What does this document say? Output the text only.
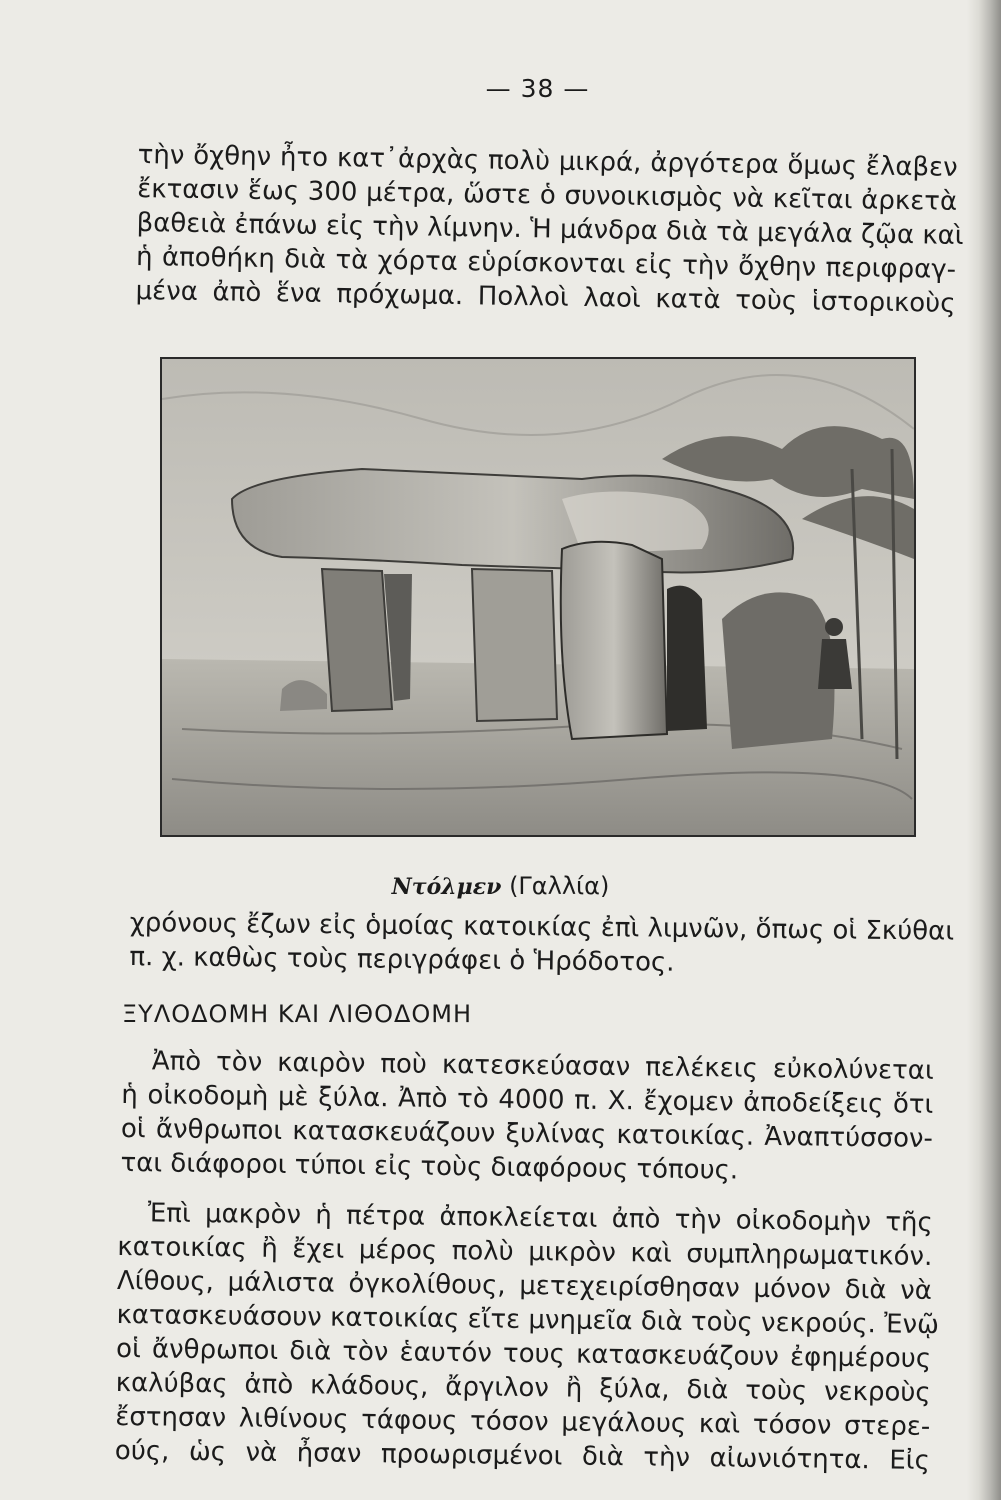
— 38 —
τὴν ὄχθην ἦτο κατ᾽ἀρχὰς πολὺ μικρά, ἀργότερα ὅμως ἔλαβεν
ἔκτασιν ἕως 300 μέτρα, ὥστε ὁ συνοικισμὸς νὰ κεῖται ἀρκετὰ
βαθειὰ ἐπάνω εἰς τὴν λίμνην. Ἡ μάνδρα διὰ τὰ μεγάλα ζῷα καὶ
ἡ ἀποθήκη διὰ τὰ χόρτα εὑρίσκονται εἰς τὴν ὄχθην περιφραγ-
μένα ἀπὸ ἕνα πρόχωμα. Πολλοὶ λαοὶ κατὰ τοὺς ἱστορικοὺς
Ντόλμεν (Γαλλία)
χρόνους ἔζων εἰς ὁμοίας κατοικίας ἐπὶ λιμνῶν, ὅπως οἱ Σκύθαι
π. χ. καθὼς τοὺς περιγράφει ὁ Ἡρόδοτος.
ΞΥΛΟΔΟΜΗ ΚΑΙ ΛΙΘΟΔΟΜΗ
Ἀπὸ τὸν καιρὸν ποὺ κατεσκεύασαν πελέκεις εὐκολύνεται
ἡ οἰκοδομὴ μὲ ξύλα. Ἀπὸ τὸ 4000 π. Χ. ἔχομεν ἀποδείξεις ὅτι
οἱ ἄνθρωποι κατασκευάζουν ξυλίνας κατοικίας. Ἀναπτύσσον-
ται διάφοροι τύποι εἰς τοὺς διαφόρους τόπους.
Ἐπὶ μακρὸν ἡ πέτρα ἀποκλείεται ἀπὸ τὴν οἰκοδομὴν τῆς
κατοικίας ἢ ἔχει μέρος πολὺ μικρὸν καὶ συμπληρωματικόν.
Λίθους, μάλιστα ὀγκολίθους, μετεχειρίσθησαν μόνον διὰ νὰ
κατασκευάσουν κατοικίας εἴτε μνημεῖα διὰ τοὺς νεκρούς. Ἐνῷ
οἱ ἄνθρωποι διὰ τὸν ἑαυτόν τους κατασκευάζουν ἐφημέρους
καλύβας ἀπὸ κλάδους, ἄργιλον ἢ ξύλα, διὰ τοὺς νεκροὺς
ἔστησαν λιθίνους τάφους τόσον μεγάλους καὶ τόσον στερε-
ούς, ὡς νὰ ἦσαν προωρισμένοι διὰ τὴν αἰωνιότητα. Εἰς
